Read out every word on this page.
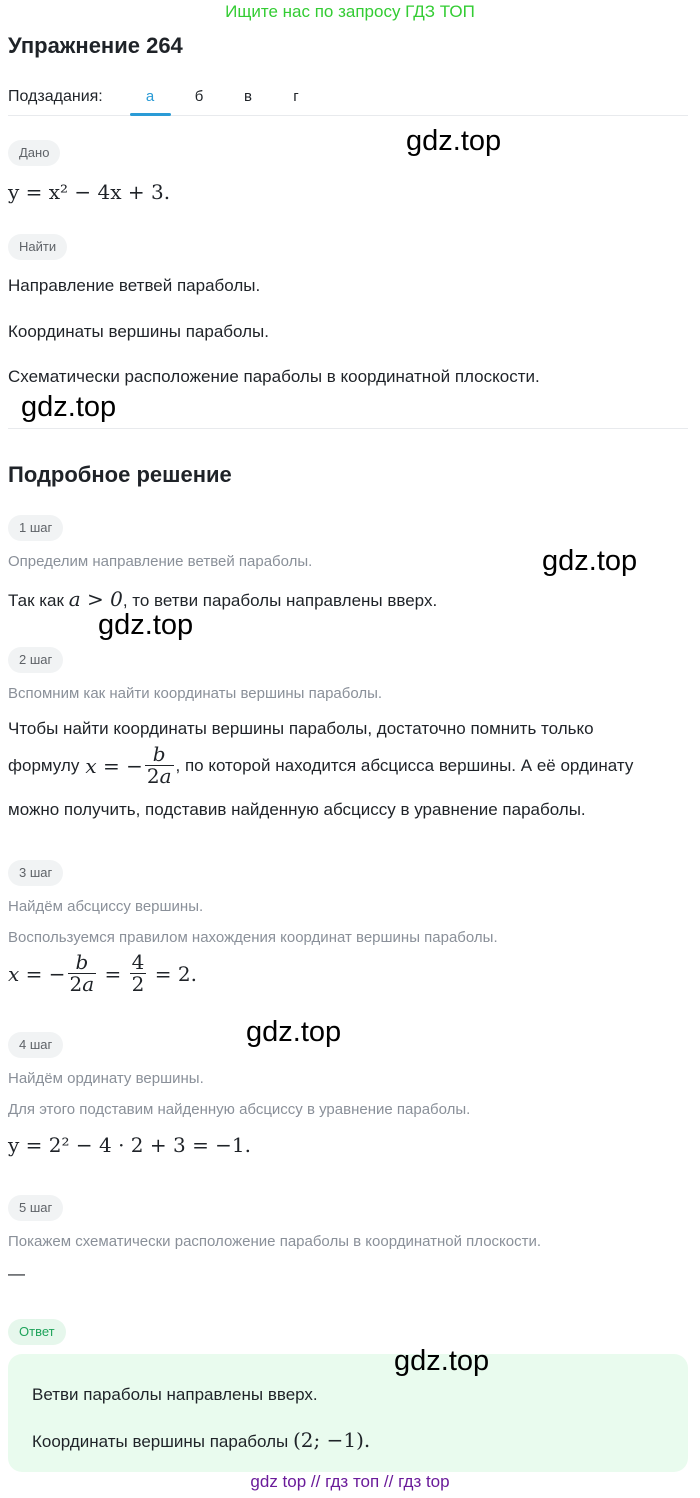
Ищите нас по запросу ГДЗ ТОП
Упражнение 264
Подзадания:	а	б	в	г
Дано
y = x² − 4x + 3.
Найти
Направление ветвей параболы.
Координаты вершины параболы.
Схематически расположение параболы в координатной плоскости.
Подробное решение
1 шаг
Определим направление ветвей параболы.
Так как a > 0, то ветви параболы направлены вверх.
2 шаг
Вспомним как найти координаты вершины параболы.
Чтобы найти координаты вершины параболы, достаточно помнить только
формулу x = − $\frac{b}{2a}$ , по которой находится абсцисса вершины. А её ординату
можно получить, подставив найденную абсциссу в уравнение параболы.
3 шаг
Найдём абсциссу вершины.
Воспользуемся правилом нахождения координат вершины параболы.
x = − $\frac{b}{2a} = \frac{4}{2} = 2$.
4 шаг
Найдём ординату вершины.
Для этого подставим найденную абсциссу в уравнение параболы.
y = 2² − 4 · 2 + 3 = −1.
5 шаг
Покажем схематически расположение параболы в координатной плоскости.
—
Ответ
Ветви параболы направлены вверх.
Координаты вершины параболы (2; −1).
gdz.top
gdz.top
gdz.top
gdz.top
gdz.top
gdz.top
gdz top // гдз топ // гдз top
